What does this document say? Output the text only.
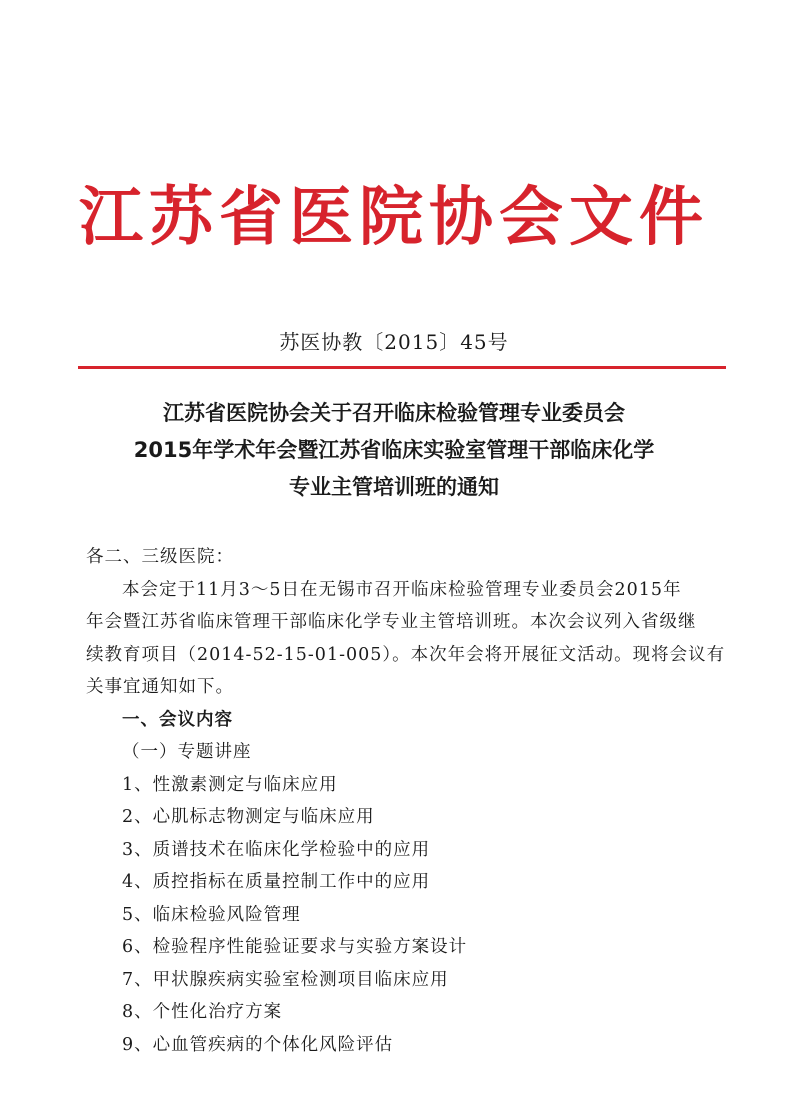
江苏省医院协会文件
苏医协教〔2015〕45号
江苏省医院协会关于召开临床检验管理专业委员会
2015年学术年会暨江苏省临床实验室管理干部临床化学
专业主管培训班的通知
各二、三级医院：
本会定于11月3～5日在无锡市召开临床检验管理专业委员会2015年
年会暨江苏省临床管理干部临床化学专业主管培训班。本次会议列入省级继
续教育项目（2014-52-15-01-005）。本次年会将开展征文活动。现将会议有
关事宜通知如下。
一、会议内容
（一）专题讲座
1、性激素测定与临床应用
2、心肌标志物测定与临床应用
3、质谱技术在临床化学检验中的应用
4、质控指标在质量控制工作中的应用
5、临床检验风险管理
6、检验程序性能验证要求与实验方案设计
7、甲状腺疾病实验室检测项目临床应用
8、个性化治疗方案
9、心血管疾病的个体化风险评估
